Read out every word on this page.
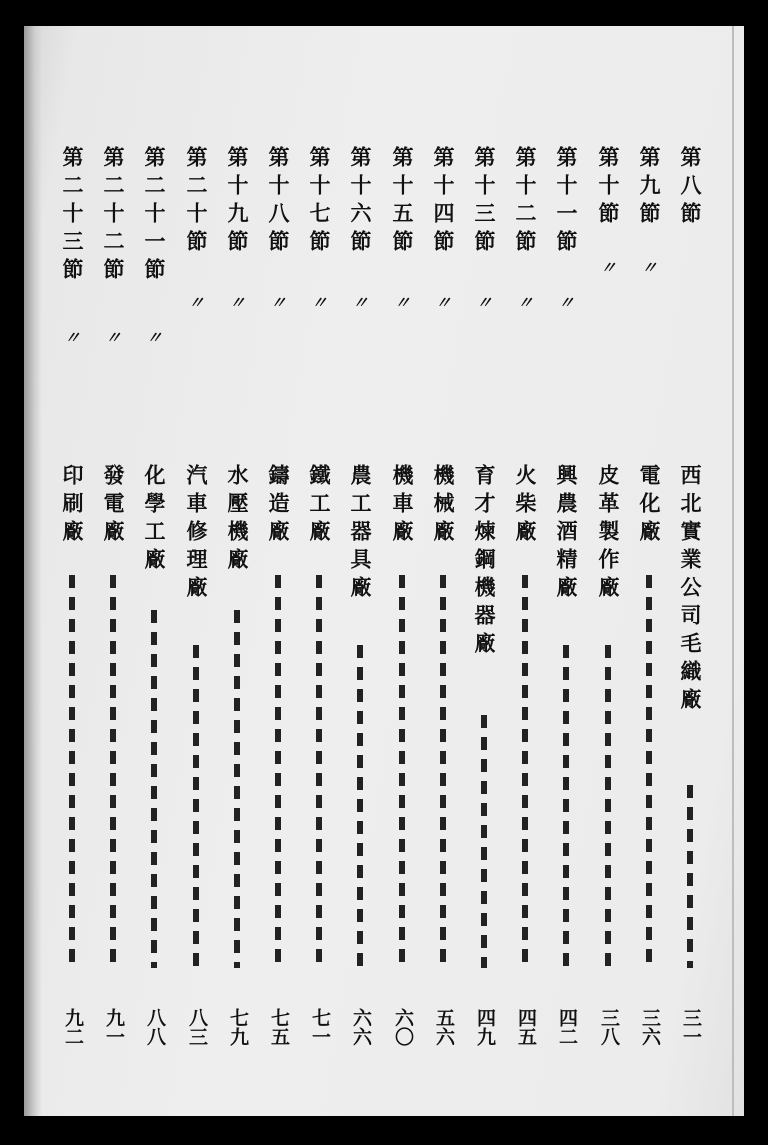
第八節
西北實業公司毛織廠
三一
第九節
〃
電化廠
三六
第十節
〃
皮革製作廠
三八
第十一節
〃
興農酒精廠
四二
第十二節
〃
火柴廠
四五
第十三節
〃
育才煉鋼機器廠
四九
第十四節
〃
機械廠
五六
第十五節
〃
機車廠
六〇
第十六節
〃
農工器具廠
六六
第十七節
〃
鐵工廠
七一
第十八節
〃
鑄造廠
七五
第十九節
〃
水壓機廠
七九
第二十節
〃
汽車修理廠
八三
第二十一節
〃
化學工廠
八八
第二十二節
〃
發電廠
九一
第二十三節
〃
印刷廠
九二
